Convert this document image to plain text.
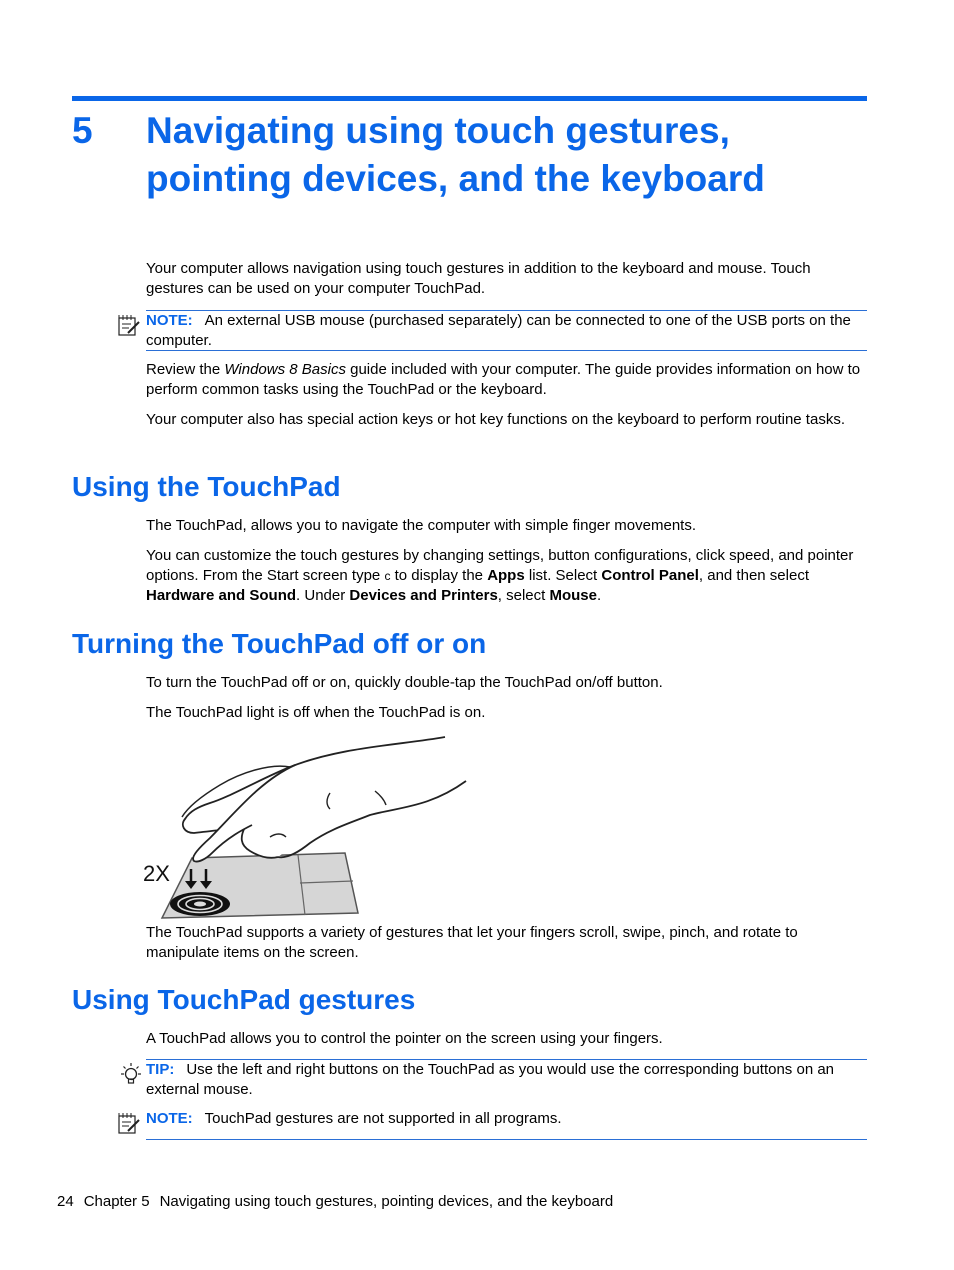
5 Navigating using touch gestures, pointing devices, and the keyboard
Your computer allows navigation using touch gestures in addition to the keyboard and mouse. Touch gestures can be used on your computer TouchPad.
NOTE: An external USB mouse (purchased separately) can be connected to one of the USB ports on the computer.
Review the Windows 8 Basics guide included with your computer. The guide provides information on how to perform common tasks using the TouchPad or the keyboard.
Your computer also has special action keys or hot key functions on the keyboard to perform routine tasks.
Using the TouchPad
The TouchPad, allows you to navigate the computer with simple finger movements.
You can customize the touch gestures by changing settings, button configurations, click speed, and pointer options. From the Start screen type c to display the Apps list. Select Control Panel, and then select Hardware and Sound. Under Devices and Printers, select Mouse.
Turning the TouchPad off or on
To turn the TouchPad off or on, quickly double-tap the TouchPad on/off button.
The TouchPad light is off when the TouchPad is on.
2X
The TouchPad supports a variety of gestures that let your fingers scroll, swipe, pinch, and rotate to manipulate items on the screen.
Using TouchPad gestures
A TouchPad allows you to control the pointer on the screen using your fingers.
TIP: Use the left and right buttons on the TouchPad as you would use the corresponding buttons on an external mouse.
NOTE: TouchPad gestures are not supported in all programs.
24 Chapter 5 Navigating using touch gestures, pointing devices, and the keyboard
